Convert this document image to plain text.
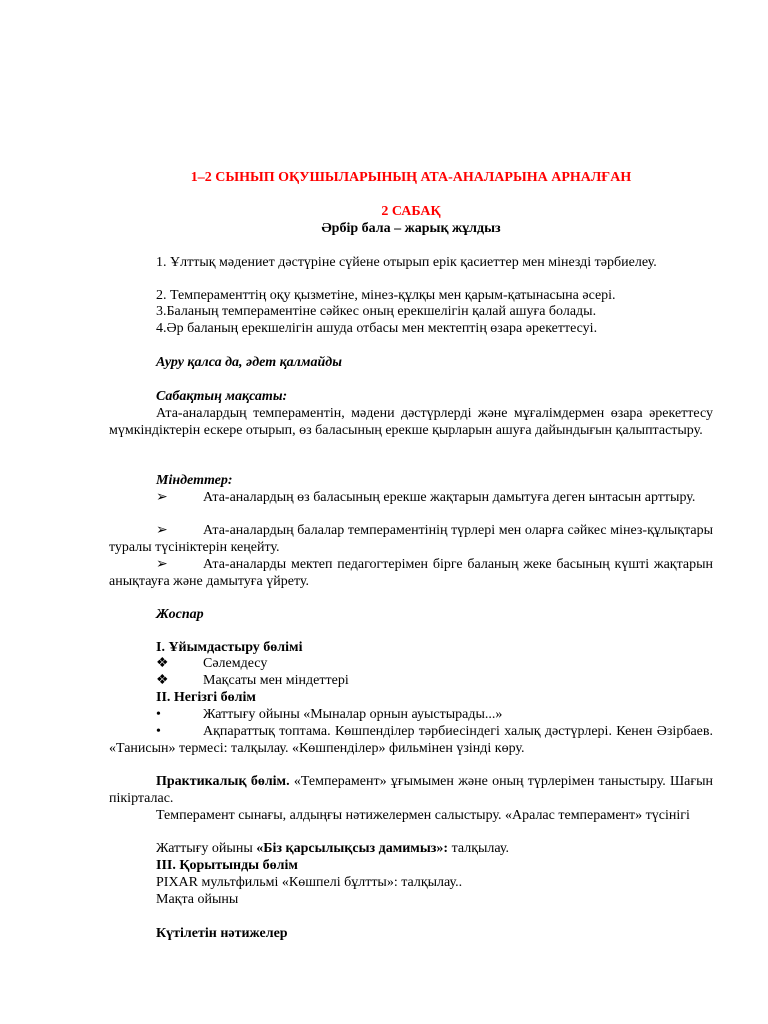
1–2 СЫНЫП ОҚУШЫЛАРЫНЫҢ АТА-АНАЛАРЫНА АРНАЛҒАН
2 САБАҚ
Әрбір бала – жарық жұлдыз
1. Ұлттық мәдениет дәстүріне сүйене отырып ерік қасиеттер мен мінезді тәрбиелеу.
2. Темпераменттің оқу қызметіне, мінез-құлқы мен қарым-қатынасына әсері.
3.Баланың темпераментіне сәйкес оның ерекшелігін қалай ашуға болады.
4.Әр баланың ерекшелігін ашуда отбасы мен мектептің өзара әрекеттесуі.
Ауру қалса да, әдет қалмайды
Сабақтың мақсаты:
Ата-аналардың темпераментін, мәдени дәстүрлерді және мұғалімдермен өзара әрекеттесу мүмкіндіктерін ескере отырып, өз баласының ерекше қырларын ашуға дайындығын қалыптастыру.
Міндеттер:
➢	Ата-аналардың өз баласының ерекше жақтарын дамытуға деген ынтасын арттыру.
➢	Ата-аналардың балалар темпераментінің түрлері мен оларға сәйкес мінез-құлықтары туралы түсініктерін кеңейту.
➢	Ата-аналарды мектеп педагогтерімен бірге баланың жеке басының күшті жақтарын анықтауға және дамытуға үйрету.
Жоспар
I. Ұйымдастыру бөлімі
❖	Сәлемдесу
❖	Мақсаты мен міндеттері
II. Негізгі бөлім
•	Жаттығу ойыны «Мыналар орнын ауыстырады...»
•	Ақпараттық топтама. Көшпенділер тәрбиесіндегі халық дәстүрлері. Кенен Әзірбаев. «Танисын» термесі: талқылау. «Көшпенділер» фильмінен үзінді көру.
Практикалық бөлім. «Темперамент» ұғымымен және оның түрлерімен таныстыру. Шағын пікірталас.
Темперамент сынағы, алдыңғы нәтижелермен салыстыру. «Аралас темперамент» түсінігі
Жаттығу ойыны «Біз қарсылықсыз дамимыз»: талқылау.
III. Қорытынды бөлім
PIXAR мультфильмі «Көшпелі бұлтты»: талқылау..
Мақта ойыны
Күтілетін нәтижелер
